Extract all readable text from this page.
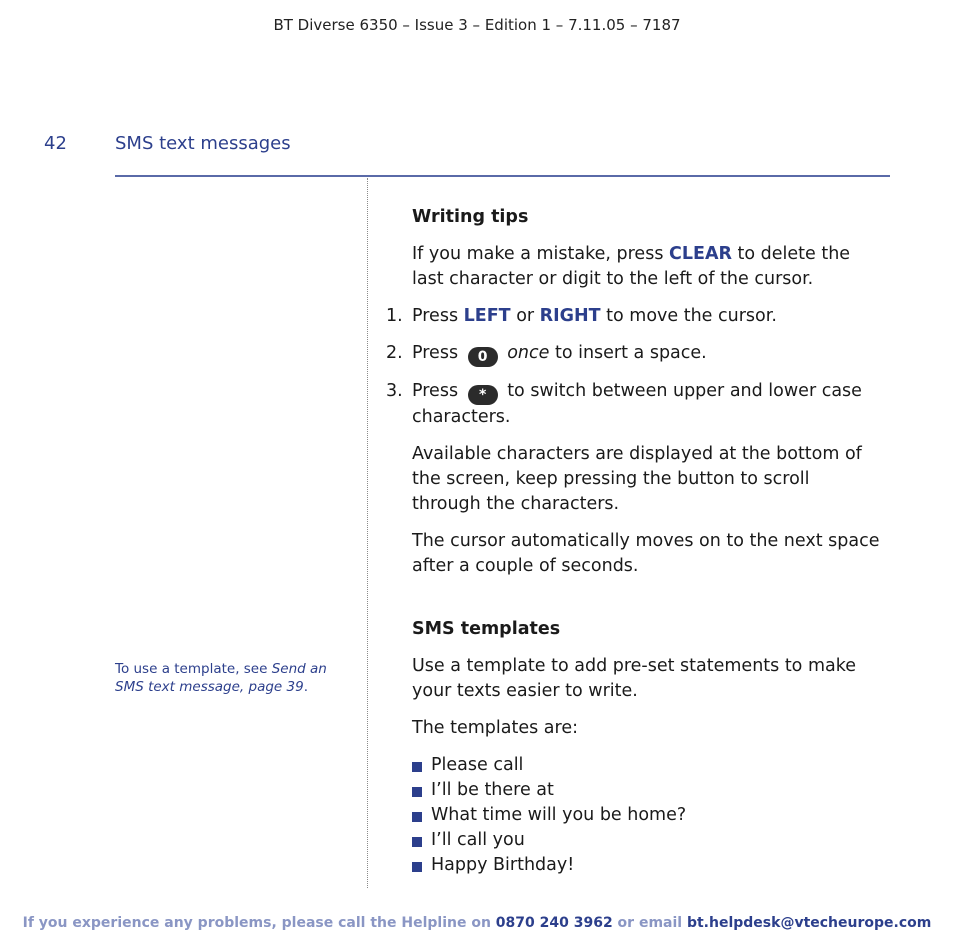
BT Diverse 6350 – Issue 3 – Edition 1 – 7.11.05 – 7187
42	SMS text messages
To use a template, see Send an SMS text message, page 39.
Writing tips

If you make a mistake, press CLEAR to delete the last character or digit to the left of the cursor.

1. Press LEFT or RIGHT to move the cursor.
2. Press 0 once to insert a space.
3. Press * to switch between upper and lower case characters.

Available characters are displayed at the bottom of the screen, keep pressing the button to scroll through the characters.

The cursor automatically moves on to the next space after a couple of seconds.

SMS templates

Use a template to add pre-set statements to make your texts easier to write.

The templates are:

Please call
I’ll be there at
What time will you be home?
I’ll call you
Happy Birthday!
If you experience any problems, please call the Helpline on 0870 240 3962 or email bt.helpdesk@vtecheurope.com
